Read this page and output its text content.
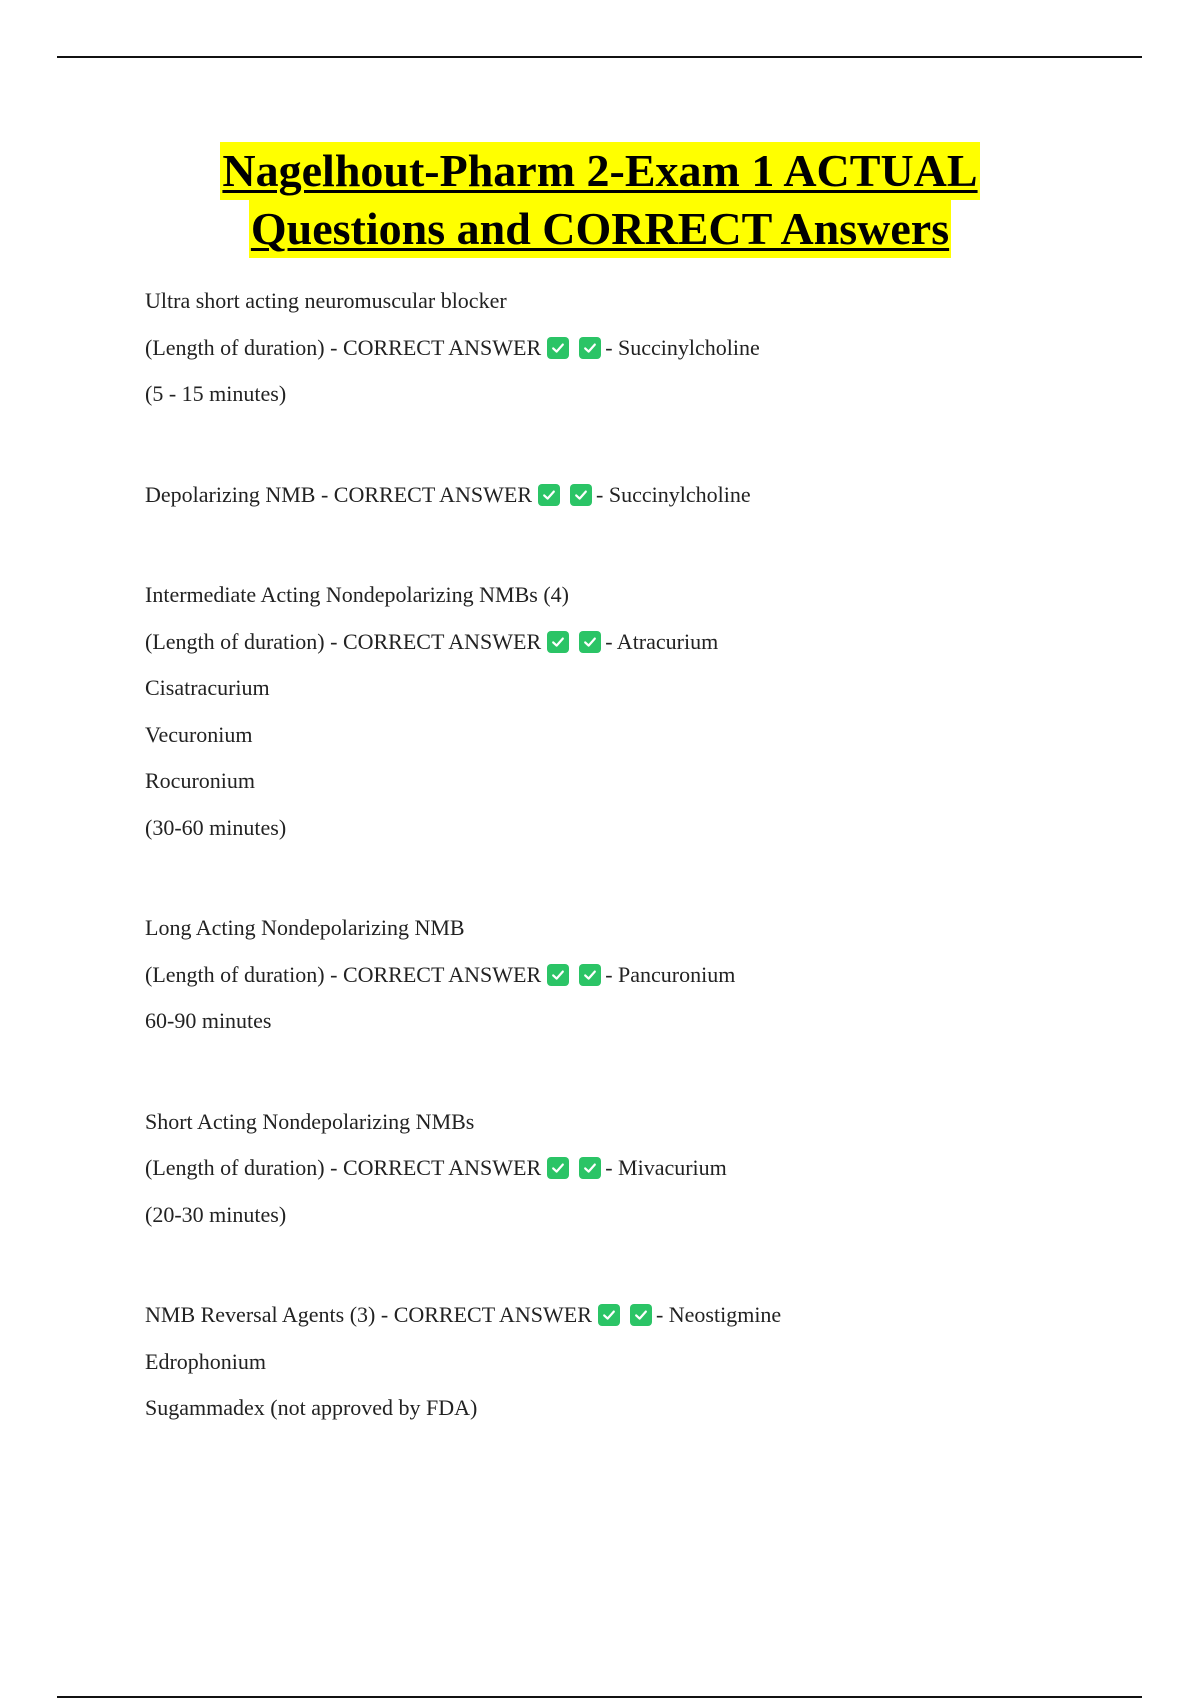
Nagelhout-Pharm 2-Exam 1 ACTUAL
Questions and CORRECT Answers
Ultra short acting neuromuscular blocker
(Length of duration) -
CORRECT ANSWER	- Succinylcholine
(5 - 15 minutes)
Depolarizing NMB -
CORRECT ANSWER	- Succinylcholine
Intermediate Acting Nondepolarizing NMBs (4)
(Length of duration) -
CORRECT ANSWER	- Atracurium
Cisatracurium
Vecuronium
Rocuronium
(30-60 minutes)
Long Acting Nondepolarizing NMB
(Length of duration) -
CORRECT ANSWER	- Pancuronium
60-90 minutes
Short Acting Nondepolarizing NMBs
(Length of duration) -
CORRECT ANSWER	- Mivacurium
(20-30 minutes)
NMB Reversal Agents (3) -
CORRECT ANSWER	- Neostigmine
Edrophonium
Sugammadex (not approved by FDA)
